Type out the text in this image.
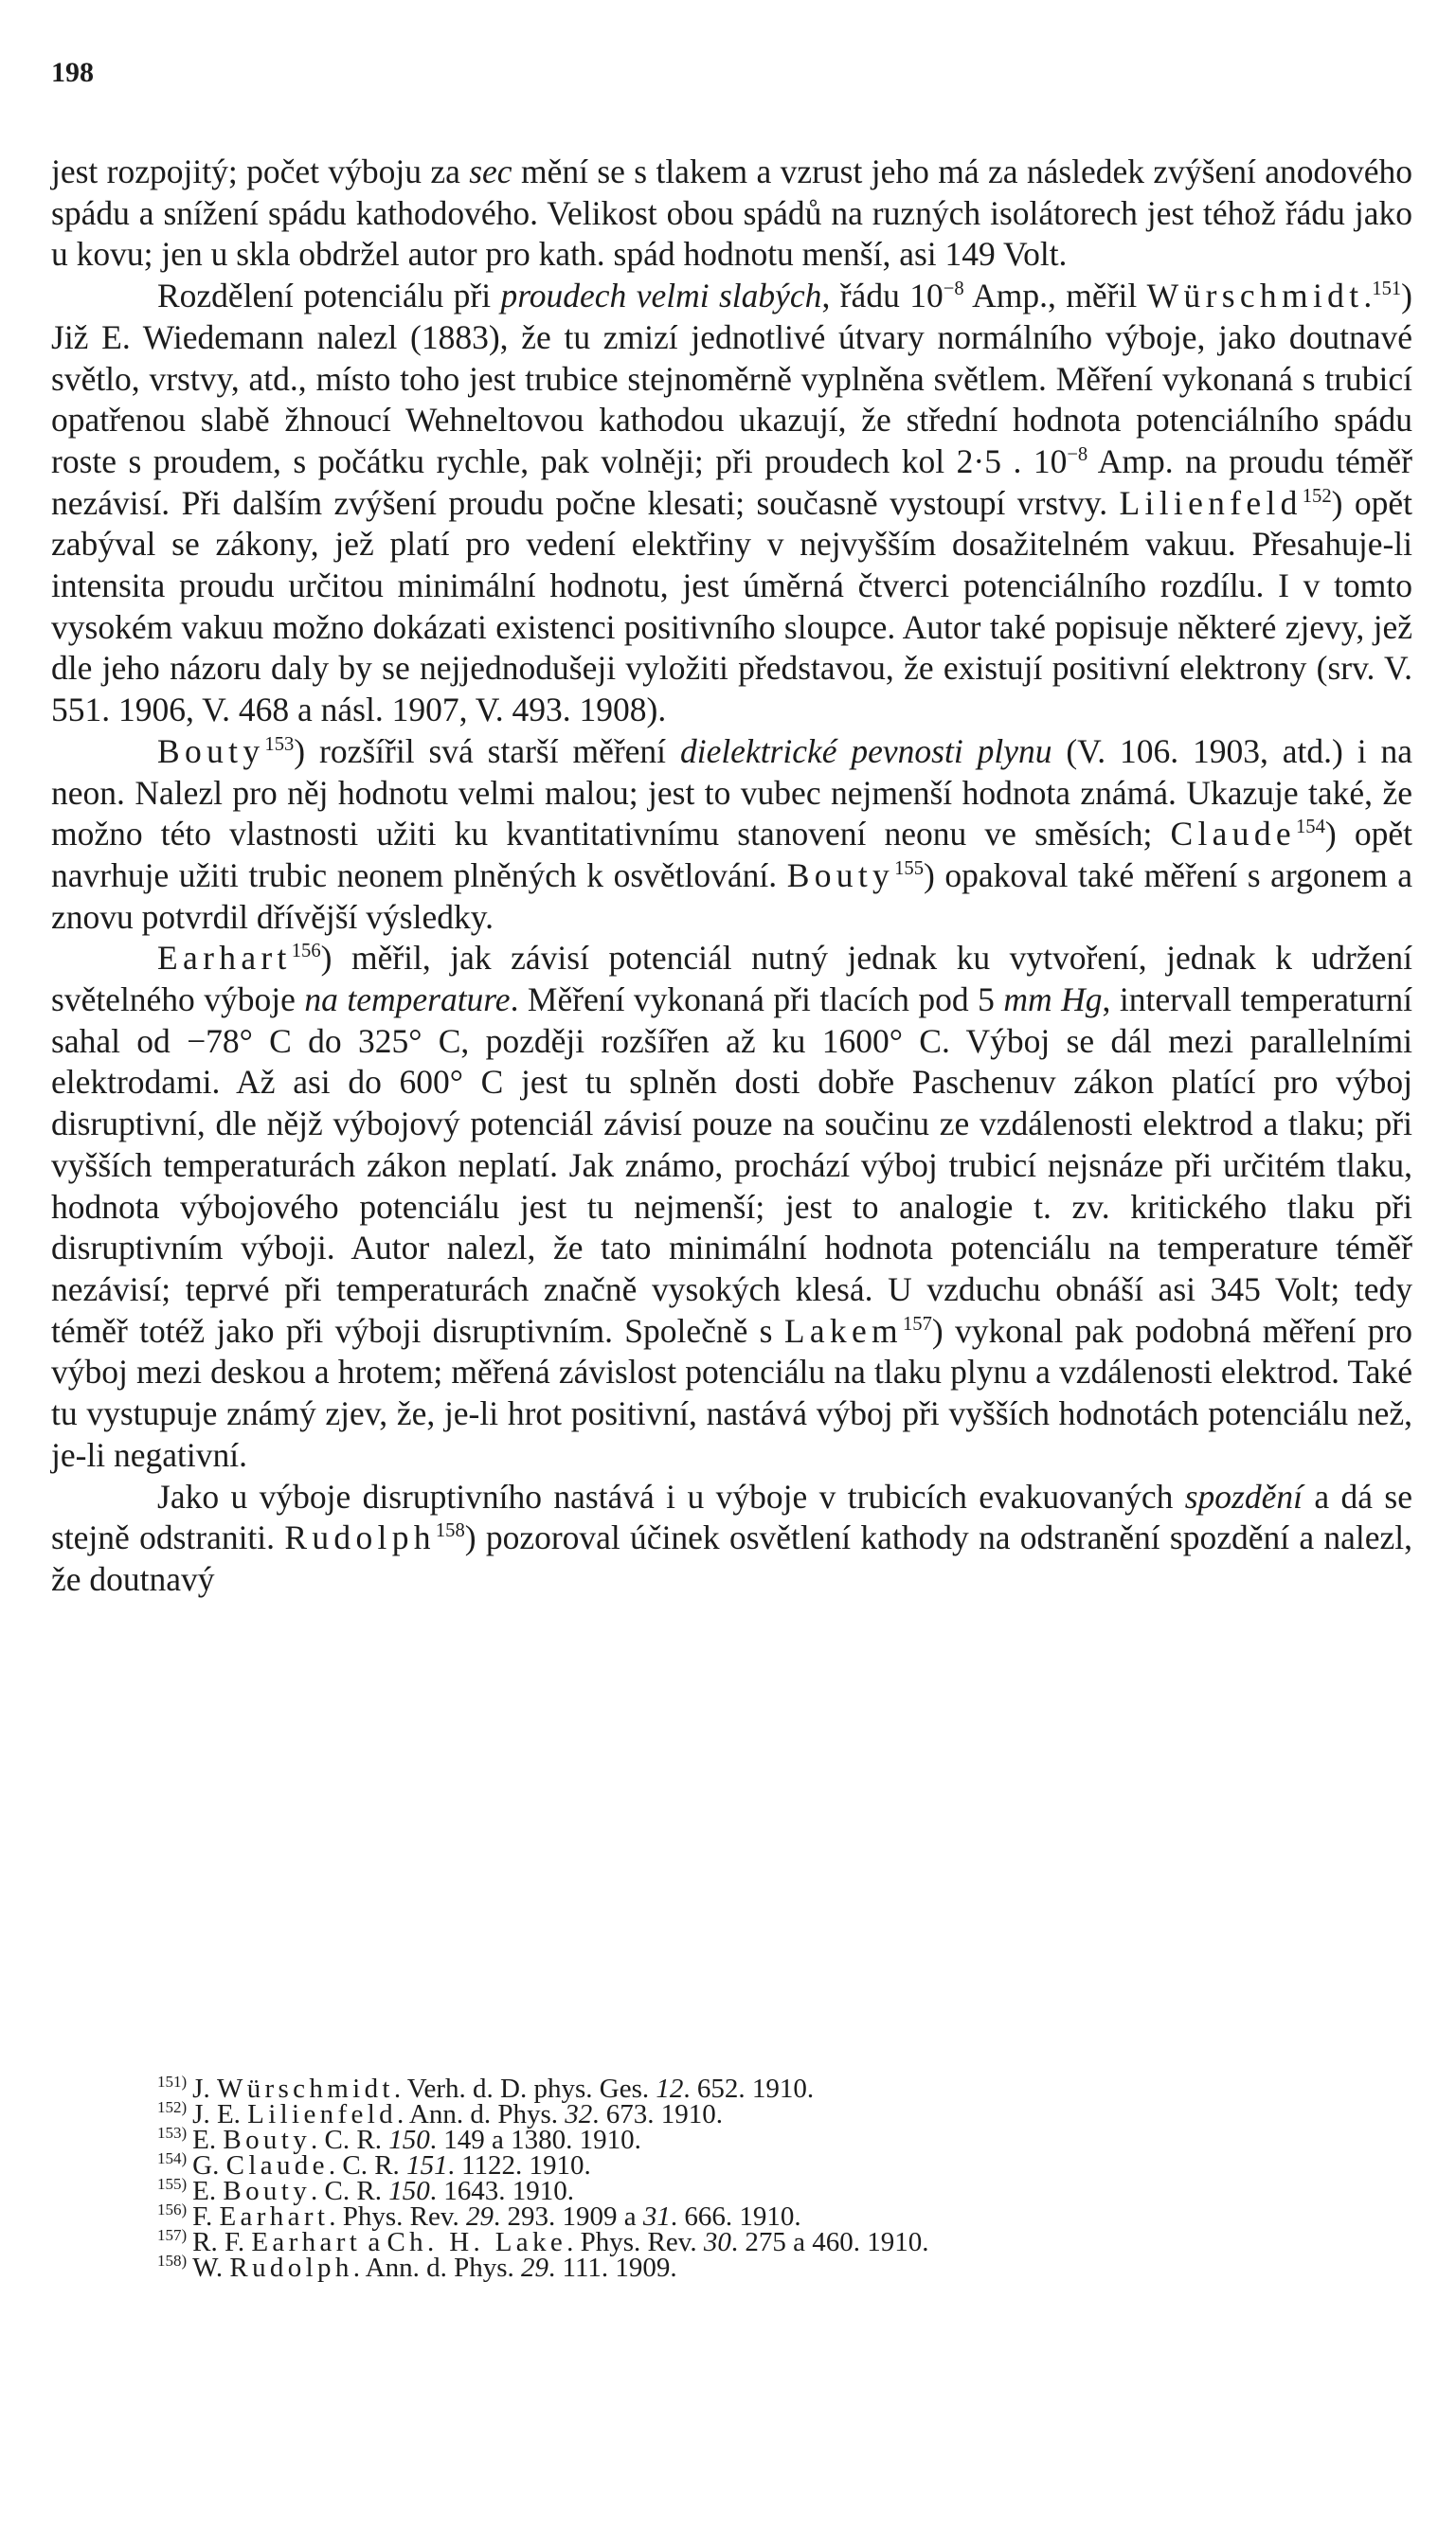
198

jest rozpojitý; počet výboju za sec mění se s tlakem a vzrust jeho má za následek zvýšení anodového spádu a snížení spádu kathodového. Velikost obou spádů na ruzných isolátorech jest téhož řádu jako u kovu; jen u skla obdržel autor pro kath. spád hodnotu menší, asi 149 Volt.

Rozdělení potenciálu při proudech velmi slabých, řádu $10^{-8}$ Amp., měřil Würschmidt.$^{151}$) Již E. Wiedemann nalezl (1883), že tu zmizí jednotlivé útvary normálního výboje, jako doutnavé světlo, vrstvy, atd., místo toho jest trubice stejnoměrně vyplněna světlem. Měření vykonaná s trubicí opatřenou slabě žhnoucí Wehneltovou kathodou ukazují, že střední hodnota potenciálního spádu roste s proudem, s počátku rychle, pak volněji; při proudech kol 2·5 . $10^{-8}$ Amp. na proudu téměř nezávisí. Při dalším zvýšení proudu počne klesati; současně vystoupí vrstvy. Lilienfeld$^{152}$) opět zabýval se zákony, jež platí pro vedení elektřiny v nejvyšším dosažitelném vakuu. Přesahuje-li intensita proudu určitou minimální hodnotu, jest úměrná čtverci potenciálního rozdílu. I v tomto vysokém vakuu možno dokázati existenci positivního sloupce. Autor také popisuje některé zjevy, jež dle jeho názoru daly by se nejjednodušeji vyložiti představou, že existují positivní elektrony (srv. V. 551. 1906, V. 468 a násl. 1907, V. 493. 1908).

Bouty$^{153}$) rozšířil svá starší měření dielektrické pevnosti plynu (V. 106. 1903, atd.) i na neon. Nalezl pro něj hodnotu velmi malou; jest to vubec nejmenší hodnota známá. Ukazuje také, že možno této vlastnosti užiti ku kvantitativnímu stanovení neonu ve směsích; Claude$^{154}$) opět navrhuje užiti trubic neonem plněných k osvětlování. Bouty$^{155}$) opakoval také měření s argonem a znovu potvrdil dřívější výsledky.

Earhart$^{156}$) měřil, jak závisí potenciál nutný jednak ku vytvoření, jednak k udržení světelného výboje na temperature. Měření vykonaná při tlacích pod 5 mm Hg, intervall temperaturní sahal od −78° C do 325° C, později rozšířen až ku 1600° C. Výboj se dál mezi parallelními elektrodami. Až asi do 600° C jest tu splněn dosti dobře Paschenuv zákon platící pro výboj disruptivní, dle nějž výbojový potenciál závisí pouze na součinu ze vzdálenosti elektrod a tlaku; při vyšších temperaturách zákon neplatí. Jak známo, prochází výboj trubicí nejsnáze při určitém tlaku, hodnota výbojového potenciálu jest tu nejmenší; jest to analogie t. zv. kritického tlaku při disruptivním výboji. Autor nalezl, že tato minimální hodnota potenciálu na temperature téměř nezávisí; teprvé při temperaturách značně vysokých klesá. U vzduchu obnáší asi 345 Volt; tedy téměř totéž jako při výboji disruptivním. Společně s Lakem$^{157}$) vykonal pak podobná měření pro výboj mezi deskou a hrotem; měřená závislost potenciálu na tlaku plynu a vzdálenosti elektrod. Také tu vystupuje známý zjev, že, je-li hrot positivní, nastává výboj při vyšších hodnotách potenciálu než, je-li negativní.

Jako u výboje disruptivního nastává i u výboje v trubicích evakuovaných spozdění a dá se stejně odstraniti. Rudolph$^{158}$) pozoroval účinek osvětlení kathody na odstranění spozdění a nalezl, že doutnavý

$^{151)}$ J. Würschmidt. Verh. d. D. phys. Ges. 12. 652. 1910.
$^{152)}$ J. E. Lilienfeld. Ann. d. Phys. 32. 673. 1910.
$^{153)}$ E. Bouty. C. R. 150. 149 a 1380. 1910.
$^{154)}$ G. Claude. C. R. 151. 1122. 1910.
$^{155)}$ E. Bouty. C. R. 150. 1643. 1910.
$^{156)}$ F. Earhart. Phys. Rev. 29. 293. 1909 a 31. 666. 1910.
$^{157)}$ R. F. Earhart a Ch. H. Lake. Phys. Rev. 30. 275 a 460. 1910.
$^{158)}$ W. Rudolph. Ann. d. Phys. 29. 111. 1909.
